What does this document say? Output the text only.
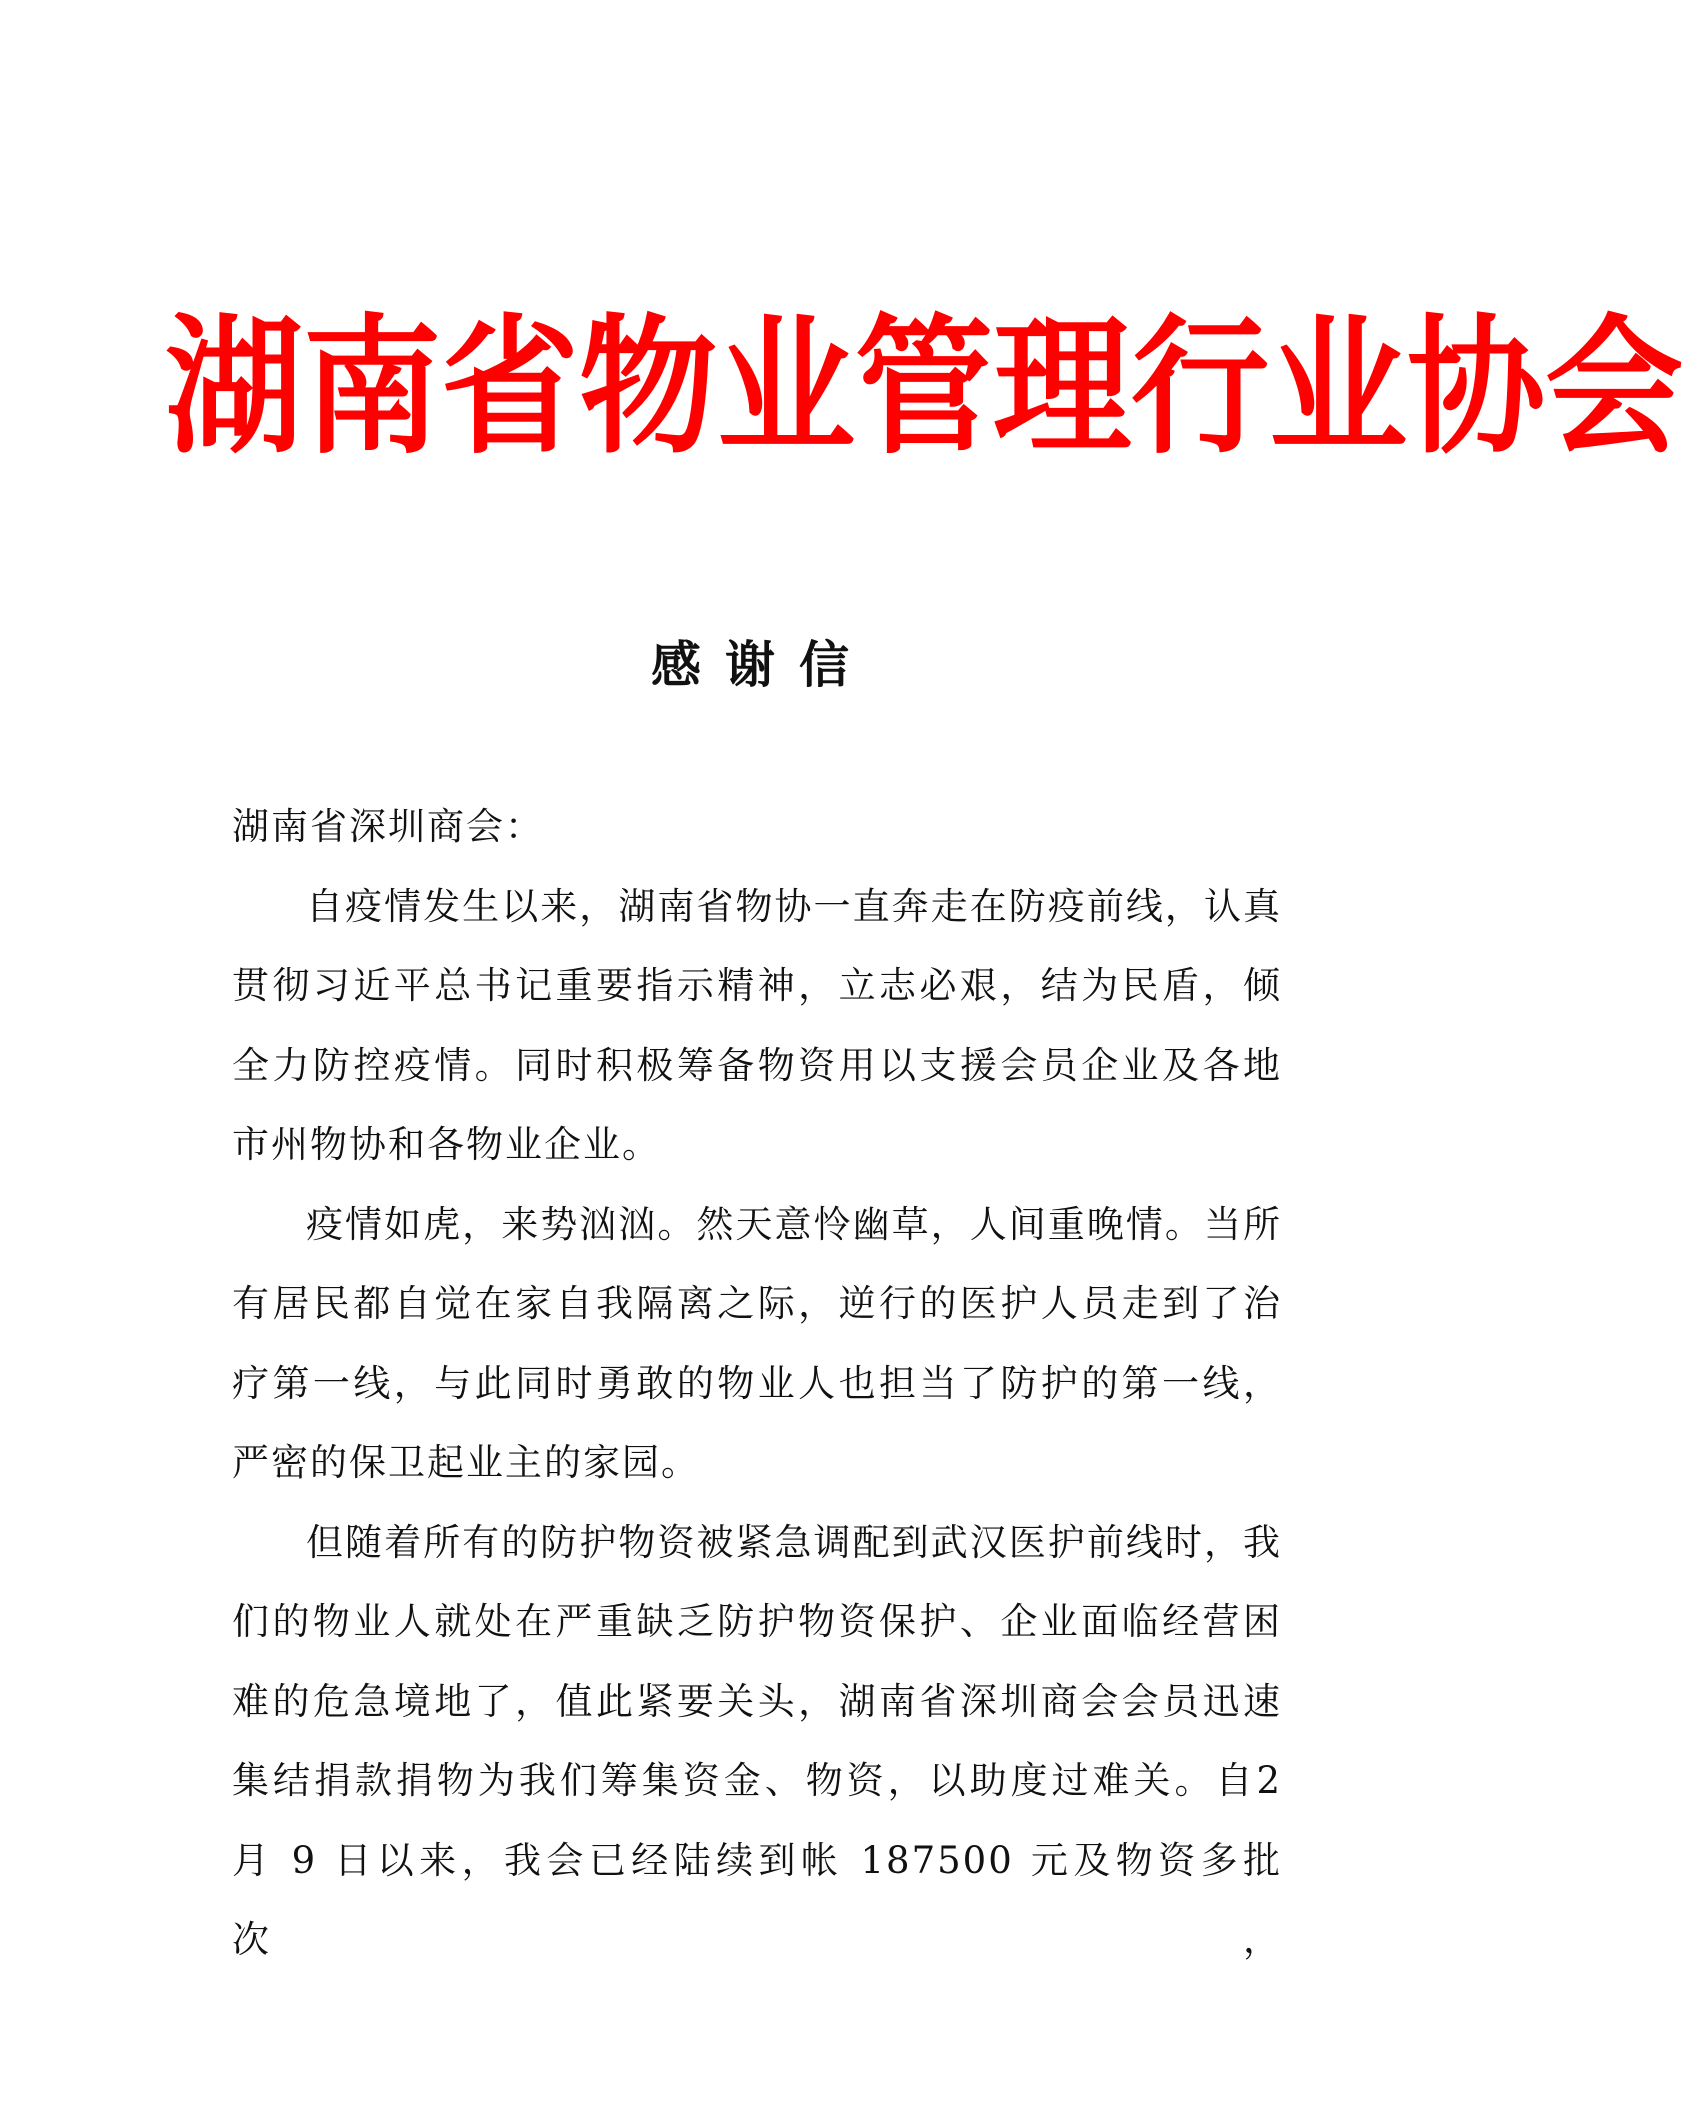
湖 南 省 物 业 管 理 行 业 协 会
感谢信

湖南省深圳商会：

自疫情发生以来，湖南省物协一直奔走在防疫前线，认真贯彻习近平总书记重要指示精神，立志必艰，结为民盾，倾全力防控疫情。同时积极筹备物资用以支援会员企业及各地市州物协和各物业企业。

疫情如虎，来势汹汹。然天意怜幽草，人间重晚情。当所有居民都自觉在家自我隔离之际，逆行的医护人员走到了治疗第一线，与此同时勇敢的物业人也担当了防护的第一线，严密的保卫起业主的家园。

但随着所有的防护物资被紧急调配到武汉医护前线时，我们的物业人就处在严重缺乏防护物资保护、企业面临经营困难的危急境地了，值此紧要关头，湖南省深圳商会会员迅速集结捐款捐物为我们筹集资金、物资，以助度过难关。自2 月 9 日以来，我会已经陆续到帐 187500 元及物资多批次，
